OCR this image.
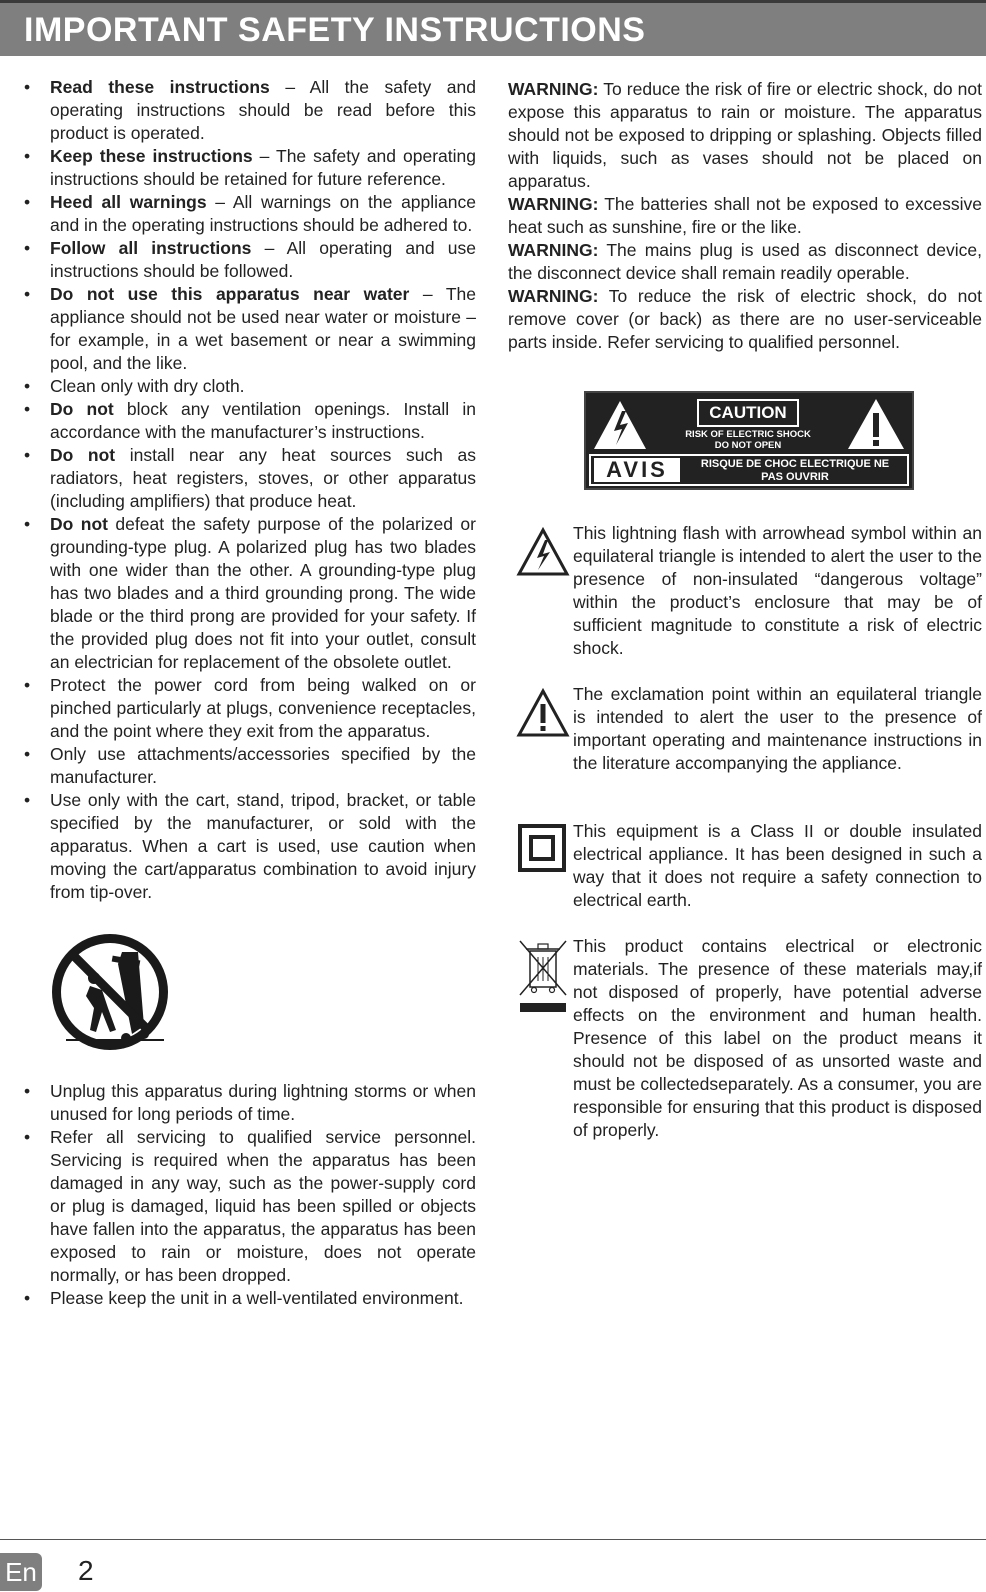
IMPORTANT SAFETY INSTRUCTIONS
• Read these instructions – All the safety and operating instructions should be read before this product is operated.
• Keep these instructions – The safety and operating instructions should be retained for future reference.
• Heed all warnings – All warnings on the appliance and in the operating instructions should be adhered to.
• Follow all instructions – All operating and use instructions should be followed.
• Do not use this apparatus near water – The appliance should not be used near water or moisture – for example, in a wet basement or near a swimming pool, and the like.
• Clean only with dry cloth.
• Do not block any ventilation openings. Install in accordance with the manufacturer’s instructions.
• Do not install near any heat sources such as radiators, heat registers, stoves, or other apparatus (including amplifiers) that produce heat.
• Do not defeat the safety purpose of the polarized or grounding-type plug. A polarized plug has two blades with one wider than the other. A grounding-type plug has two blades and a third grounding prong. The wide blade or the third prong are provided for your safety. If the provided plug does not fit into your outlet, consult an electrician for replacement of the obsolete outlet.
• Protect the power cord from being walked on or pinched particularly at plugs, convenience receptacles, and the point where they exit from the apparatus.
• Only use attachments/accessories specified by the manufacturer.
• Use only with the cart, stand, tripod, bracket, or table specified by the manufacturer, or sold with the apparatus. When a cart is used, use caution when moving the cart/apparatus combination to avoid injury from tip-over.
• Unplug this apparatus during lightning storms or when unused for long periods of time.
• Refer all servicing to qualified service personnel. Servicing is required when the apparatus has been damaged in any way, such as the power-supply cord or plug is damaged, liquid has been spilled or objects have fallen into the apparatus, the apparatus has been exposed to rain or moisture, does not operate normally, or has been dropped.
• Please keep the unit in a well-ventilated environment.

WARNING: To reduce the risk of fire or electric shock, do not expose this apparatus to rain or moisture. The apparatus should not be exposed to dripping or splashing. Objects filled with liquids, such as vases should not be placed on apparatus.

WARNING: The batteries shall not be exposed to excessive heat such as sunshine, fire or the like.

WARNING: The mains plug is used as disconnect device, the disconnect device shall remain readily operable.

WARNING: To reduce the risk of electric shock, do not remove cover (or back) as there are no user-serviceable parts inside. Refer servicing to qualified personnel.

CAUTION
RISK OF ELECTRIC SHOCK
DO NOT OPEN
AVIS	RISQUE DE CHOC ELECTRIQUE NE
PAS OUVRIR
This lightning flash with arrowhead symbol within an equilateral triangle is intended to alert the user to the presence of non-insulated “dangerous voltage” within the product’s enclosure that may be of sufficient magnitude to constitute a risk of electric shock.
The exclamation point within an equilateral triangle is intended to alert the user to the presence of important operating and maintenance instructions in the literature accompanying the appliance.
This equipment is a Class II or double insulated electrical appliance. It has been designed in such a way that it does not require a safety connection to electrical earth.
This product contains electrical or electronic materials. The presence of these materials may,if not disposed of properly, have potential adverse effects on the environment and human health. Presence of this label on the product means it should not be disposed of as unsorted waste and must be collectedseparately. As a consumer, you are responsible for ensuring that this product is disposed of properly.
En 2
